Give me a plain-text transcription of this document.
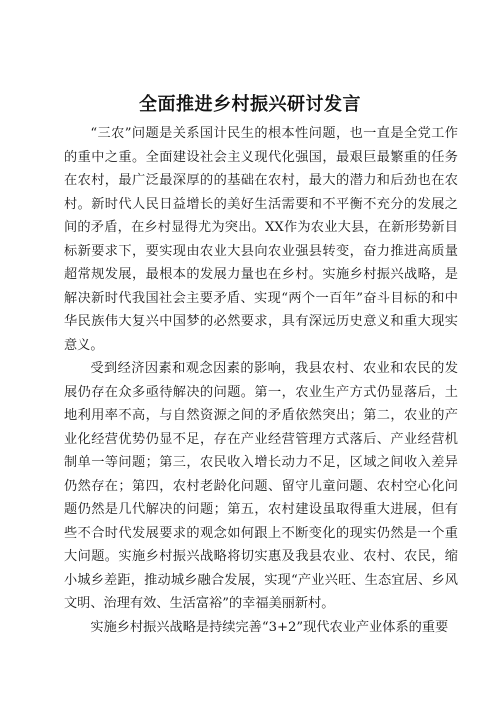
全面推进乡村振兴研讨发言

“三农”问题是关系国计民生的根本性问题，也一直是全党工作的重中之重。全面建设社会主义现代化强国，最艰巨最繁重的任务在农村，最广泛最深厚的的基础在农村，最大的潜力和后劲也在农村。新时代人民日益增长的美好生活需要和不平衡不充分的发展之间的矛盾，在乡村显得尤为突出。XX作为农业大县，在新形势新目标新要求下，要实现由农业大县向农业强县转变，奋力推进高质量超常规发展，最根本的发展力量也在乡村。实施乡村振兴战略，是解决新时代我国社会主要矛盾、实现“两个一百年”奋斗目标的和中华民族伟大复兴中国梦的必然要求，具有深远历史意义和重大现实意义。

受到经济因素和观念因素的影响，我县农村、农业和农民的发展仍存在众多亟待解决的问题。第一，农业生产方式仍显落后，土地利用率不高，与自然资源之间的矛盾依然突出；第二，农业的产业化经营优势仍显不足，存在产业经营管理方式落后、产业经营机制单一等问题；第三，农民收入增长动力不足，区域之间收入差异仍然存在；第四，农村老龄化问题、留守儿童问题、农村空心化问题仍然是几代解决的问题；第五，农村建设虽取得重大进展，但有些不合时代发展要求的观念如何跟上不断变化的现实仍然是一个重大问题。实施乡村振兴战略将切实惠及我县农业、农村、农民，缩小城乡差距，推动城乡融合发展，实现“产业兴旺、生态宜居、乡风文明、治理有效、生活富裕”的幸福美丽新村。

实施乡村振兴战略是持续完善“3+2”现代农业产业体系的重要
